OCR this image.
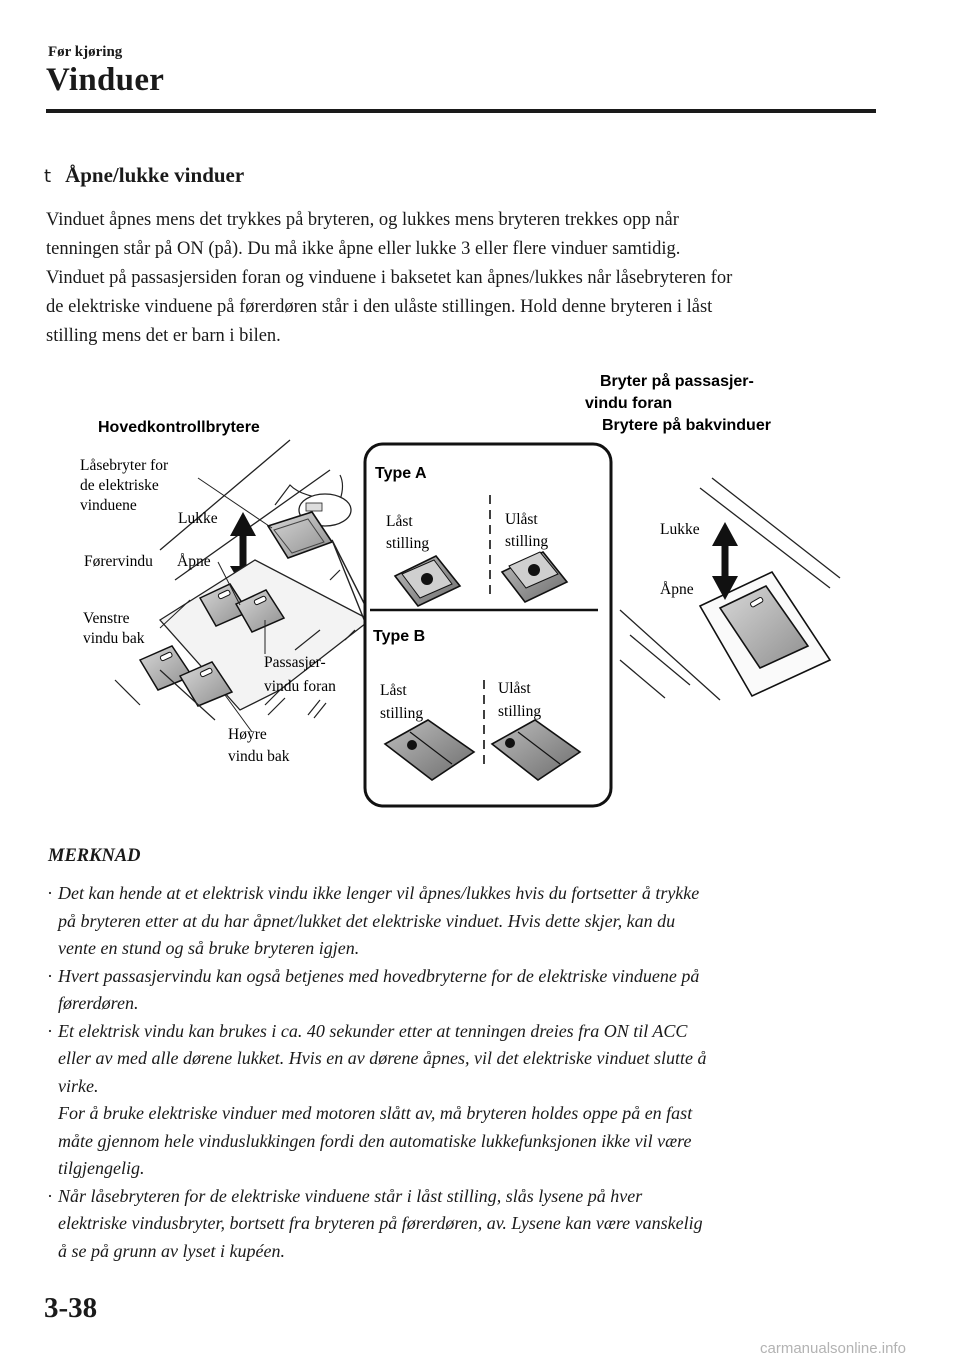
Før kjøring
Vinduer
t Åpne/lukke vinduer

Vinduet åpnes mens det trykkes på bryteren, og lukkes mens bryteren trekkes opp når

tenningen står på ON (på). Du må ikke åpne eller lukke 3 eller flere vinduer samtidig.

Vinduet på passasjersiden foran og vinduene i baksetet kan åpnes/lukkes når låsebryteren for

de elektriske vinduene på førerdøren står i den ulåste stillingen. Hold denne bryteren i låst

stilling mens det er barn i bilen.

Hovedkontrollbrytere
Bryter på passasjer-
vindu foran
Brytere på bakvinduer
Låsebryter for
de elektriske
vinduene
Lukke
Førervindu Åpne
Venstre
vindu bak
Passasjer-
vindu foran
Høyre
vindu bak
Type A
Type B
Låst
stilling
Ulåst
stilling
Låst
stilling
Ulåst
stilling
Lukke
Åpne
MERKNAD
· Det kan hende at et elektrisk vindu ikke lenger vil åpnes/lukkes hvis du fortsetter å trykke

på bryteren etter at du har åpnet/lukket det elektriske vinduet. Hvis dette skjer, kan du

vente en stund og så bruke bryteren igjen.

· Hvert passasjervindu kan også betjenes med hovedbryterne for de elektriske vinduene på

førerdøren.

· Et elektrisk vindu kan brukes i ca. 40 sekunder etter at tenningen dreies fra ON til ACC

eller av med alle dørene lukket. Hvis en av dørene åpnes, vil det elektriske vinduet slutte å

virke.

For å bruke elektriske vinduer med motoren slått av, må bryteren holdes oppe på en fast

måte gjennom hele vinduslukkingen fordi den automatiske lukkefunksjonen ikke vil være

tilgjengelig.

· Når låsebryteren for de elektriske vinduene står i låst stilling, slås lysene på hver

elektriske vindusbryter, bortsett fra bryteren på førerdøren, av. Lysene kan være vanskelig

å se på grunn av lyset i kupéen.

3-38
carmanualsonline.info
